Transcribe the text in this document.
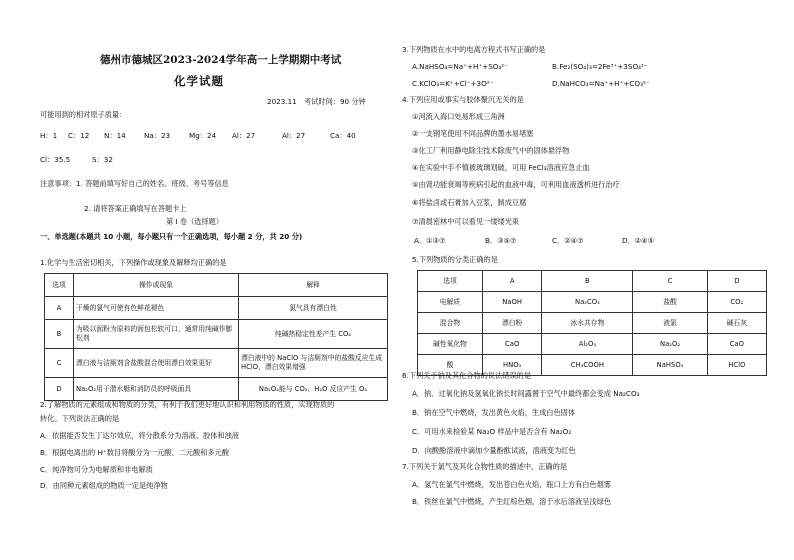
德州市德城区2023-2024学年高一上学期期中考试
化学试题
2023.11 考试时间：90 分钟
可能用到的相对原子质量：
H：1 C：12 N：14	Na：23	Mg：24 Al：27	Al：27	Ca：40
Cl：35.5	S：32
注意事项：1. 答题前填写好自己的姓名、班级、考号等信息
2. 请将答案正确填写在答题卡上
第 I 卷（选择题）
一、单选题(本题共 10 小题，每小题只有一个正确选项，每小题 2 分，共 20 分)
1.化学与生活密切相关，下列操作或现象及解释均正确的是
选项	操作或现象	解释
A	干燥的氯气可使有色鲜花褪色	氯气具有漂白性
B	为吸以面粉为原料的面包松软可口，通常用纯碱作膨松剂	纯碱热稳定性差产生 CO₂
C	漂白液与洁厕剂含盐酸混合使用漂白效果更好	漂白液中的 NaClO 与洁厕剂中的盐酸反应生成 HClO，漂白效果增强
D	Na₂O₂用于潜水艇和消防员的呼吸面具	Na₂O₂能与 CO₂、H₂O 反应产生 O₂
2.了解物质的元素组成和物质的分类，有利于我们更好地认识和利用物质的性质，实现物质的
转化。下列说法正确的是
A．依据能否发生丁达尔效应，将分散系分为溶液、胶体和浊液
B．根据电离出的 H⁺数目将酸分为一元酸、二元酸和多元酸
C．纯净物可分为电解质和非电解质
D．由同种元素组成的物质一定是纯净物
3.下列物质在水中的电离方程式书写正确的是
A.NaHSO₄=Na⁺+H⁺+SO₄²⁻	B.Fe₂(SO₄)₃=2Fe³⁺+3SO₄²⁻
C.KClO₃=K⁺+Cl⁻+3O²⁻	D.NaHCO₃=Na⁺+H⁺+CO₃²⁻
4.下列应用或事实与胶体聚沉无关的是
①河流入海口处易形成三角洲
②一支钢笔使用不同品牌的墨水易堵塞
③化工厂利用静电除尘技术除废气中的固体悬浮物
④在实验中手不慎被玻璃划破，可用 FeCl₃溶液应急止血
⑤由肾功能衰竭等疾病引起的血液中毒，可利用血液透析进行治疗
⑥将盐卤或石膏加入豆浆，制成豆腐
⑦清晨密林中可以看见一缕缕光束
A．①③⑦	B．③⑤⑦	C．②④⑦	D．②④⑤
5.下列物质的分类正确的是
选项	A	B	C	D
电解质	NaOH	Na₂CO₃	盐酸	CO₂
混合物	漂白粉	冰水共存物	液氯	碱石灰
碱性氧化物	CaO	Al₂O₃	Na₂O₂	CaO
酸	HNO₃	CH₃COOH	NaHSO₄	HClO
6.下列关于钠及其化合物的说法错误的是
A．钠、过氧化钠及氢氧化钠长时间露置于空气中最终都会变成 Na₂CO₃
B．钠在空气中燃烧，发出黄色火焰，生成白色固体
C．可用水来检验某 Na₂O 样品中是否含有 Na₂O₂
D．向酸酚溶液中滴加少量酚酞试液，溶液变为红色
7.下列关于氯气及其化合物性质的描述中，正确的是
A．氢气在氯气中燃烧，发出苍白色火焰，瓶口上方有白色烟雾
B．铁丝在氯气中燃烧，产生红棕色烟，溶于水后溶液呈浅绿色
